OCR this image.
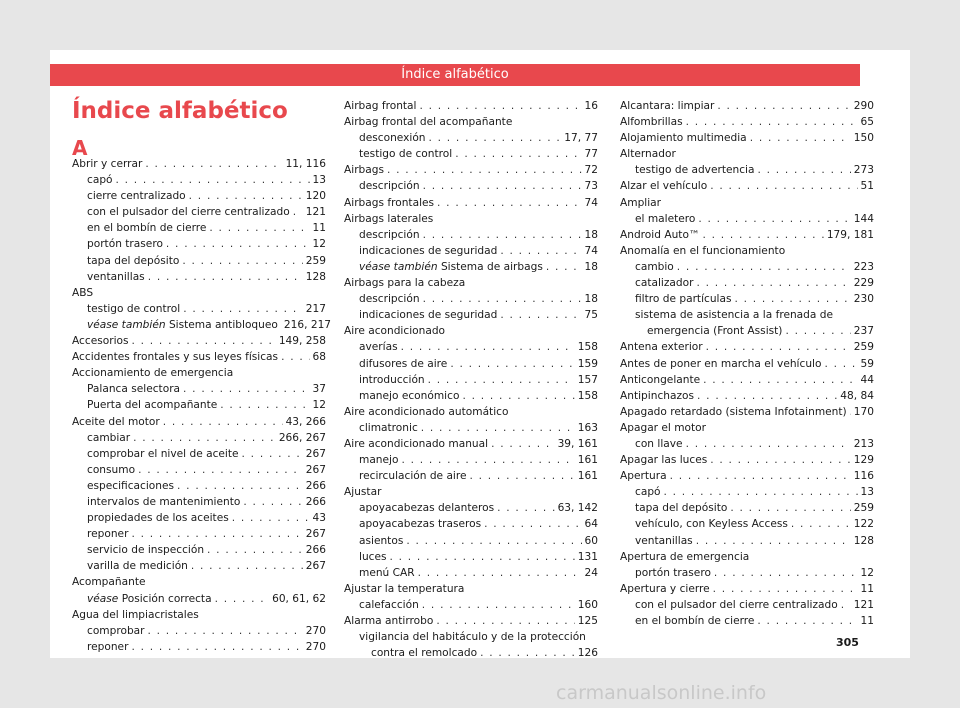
Índice alfabético
Índice alfabético
A
Abrir y cerrar . . .	11, 116
capó . . .	13
cierre centralizado . . .	120
con el pulsador del cierre centralizado . . . 121
en el bombín de cierre . . .	11
portón trasero . . .	12
tapa del depósito . . .	259
ventanillas . . .	128
ABS
testigo de control . . .	217
véase también Sistema antibloqueo 216, 217
Accesorios . . .	149, 258
Accidentes frontales y sus leyes físicas . . .	68
Accionamiento de emergencia
Palanca selectora . . .	37
Puerta del acompañante . . .	12
Aceite del motor . . .	43, 266
cambiar . . .	266, 267
comprobar el nivel de aceite . . .	267
consumo . . .	267
especificaciones . . .	266
intervalos de mantenimiento . . .	266
propiedades de los aceites . . .	43
reponer . . .	267
servicio de inspección . . .	266
varilla de medición . . .	267
Acompañante
véase Posición correcta . . .	60, 61, 62
Agua del limpiacristales
comprobar . . .	270
reponer . . .	270
Airbag frontal . . .	16
Airbag frontal del acompañante
desconexión . . .	17, 77
testigo de control . . .	77
Airbags . . .	72
descripción . . .	73
Airbags frontales . . .	74
Airbags laterales
descripción . . .	18
indicaciones de seguridad . . .	74
véase también Sistema de airbags . . .	18
Airbags para la cabeza
descripción . . .	18
indicaciones de seguridad . . .	75
Aire acondicionado
averías . . .	158
difusores de aire . . .	159
introducción . . .	157
manejo económico . . .	158
Aire acondicionado automático
climatronic . . .	163
Aire acondicionado manual . . .	39, 161
manejo . . .	161
recirculación de aire . . .	161
Ajustar
apoyacabezas delanteros . . .	63, 142
apoyacabezas traseros . . .	64
asientos . . .	60
luces . . .	131
menú CAR . . .	24
Ajustar la temperatura
calefacción . . .	160
Alarma antirrobo . . .	125
vigilancia del habitáculo y de la protección
contra el remolcado . . .	126
Alcantara: limpiar . . .	290
Alfombrillas . . .	65
Alojamiento multimedia . . .	150
Alternador
testigo de advertencia . . .	273
Alzar el vehículo . . .	51
Ampliar
el maletero . . .	144
Android Auto™ . . .	179, 181
Anomalía en el funcionamiento
cambio . . .	223
catalizador . . .	229
filtro de partículas . . .	230
sistema de asistencia a la frenada de
emergencia (Front Assist) . . .	237
Antena exterior . . .	259
Antes de poner en marcha el vehículo . . .	59
Anticongelante . . .	44
Antipinchazos . . .	48, 84
Apagado retardado (sistema Infotainment) . . . 170
Apagar el motor
con llave . . .	213
Apagar las luces . . .	129
Apertura . . .	116
capó . . .	13
tapa del depósito . . .	259
vehículo, con Keyless Access . . .	122
ventanillas . . .	128
Apertura de emergencia
portón trasero . . .	12
Apertura y cierre . . .	11
con el pulsador del cierre centralizado . . . 121
en el bombín de cierre . . .	11
305
carmanualsonline.info
